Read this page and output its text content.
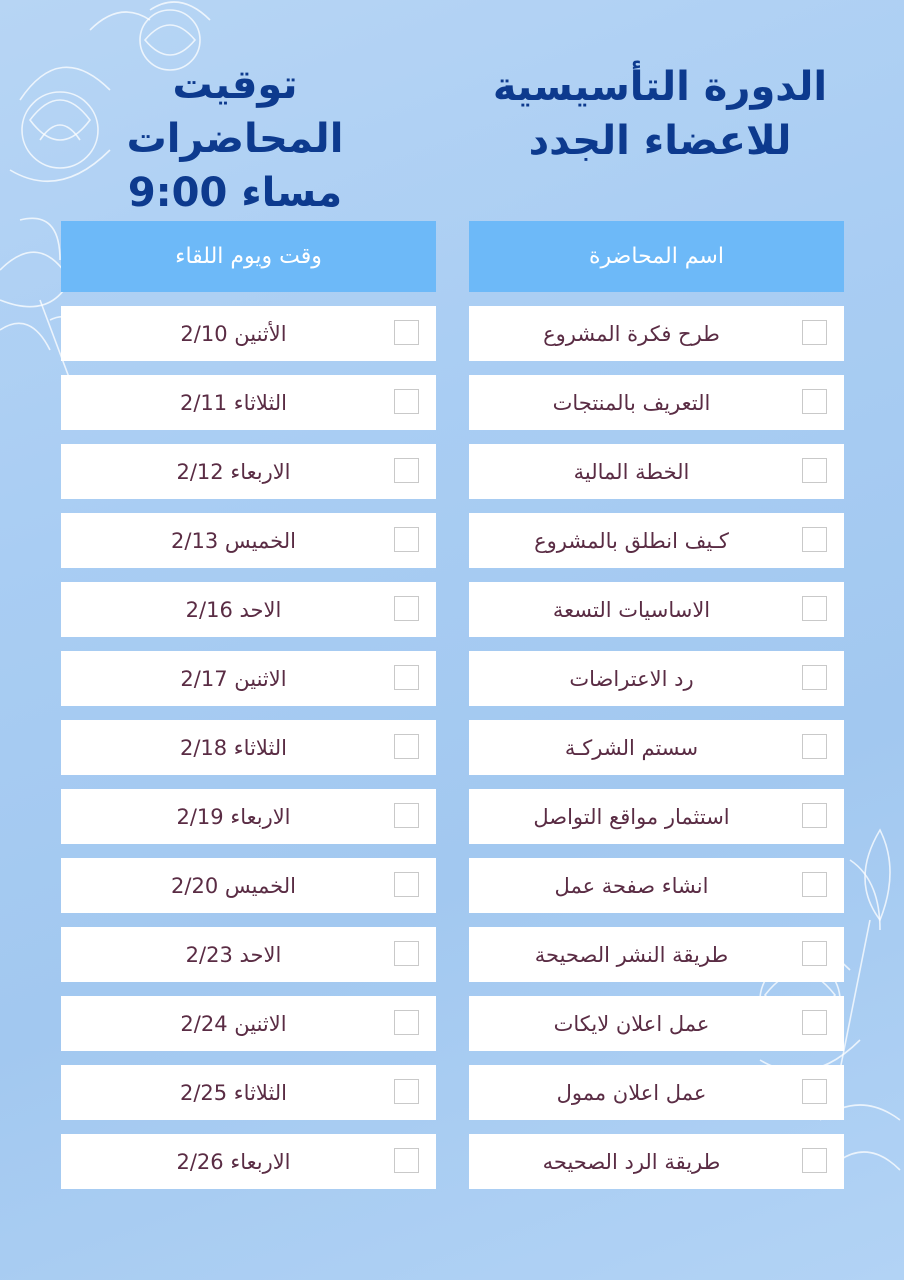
الدورة التأسيسية
للاعضاء الجدد
توقيت المحاضرات
9:00 مساء
اسم المحاضرة
طرح فكرة المشروع
التعريف بالمنتجات
الخطة المالية
كـيف انطلق بالمشروع
الاساسيات التسعة
رد الاعتراضات
سستم الشركـة
استثمار مواقع التواصل
انشاء صفحة عمل
طريقة النشر الصحيحة
عمل اعلان لايكات
عمل اعلان ممول
طريقة الرد الصحيحه
وقت ويوم اللقاء
الأثنين 2/10
الثلاثاء 2/11
الاربعاء 2/12
الخميس 2/13
الاحد 2/16
الاثنين 2/17
الثلاثاء 2/18
الاربعاء 2/19
الخميس 2/20
الاحد 2/23
الاثنين 2/24
الثلاثاء 2/25
الاربعاء 2/26
